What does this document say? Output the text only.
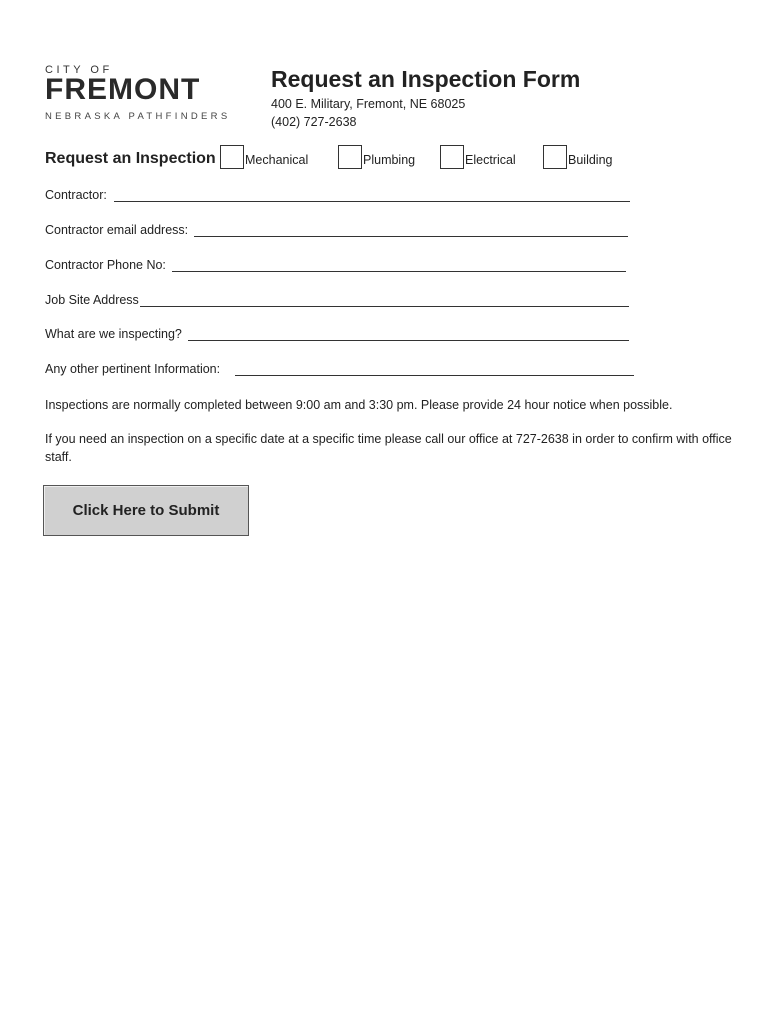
CITY OF
FREMONT
NEBRASKA PATHFINDERS
Request an Inspection Form
400 E. Military, Fremont, NE 68025
(402) 727-2638
Request an Inspection Mechanical	Plumbing	Electrical	Building
Contractor:
Contractor email address:
Contractor Phone No:
Job Site Address
What are we inspecting?
Any other pertinent Information:
Inspections are normally completed between 9:00 am and 3:30 pm. Please provide 24 hour notice when possible.
If you need an inspection on a specific date at a specific time please call our office at 727-2638 in order to confirm with office staff.
Click Here to Submit
